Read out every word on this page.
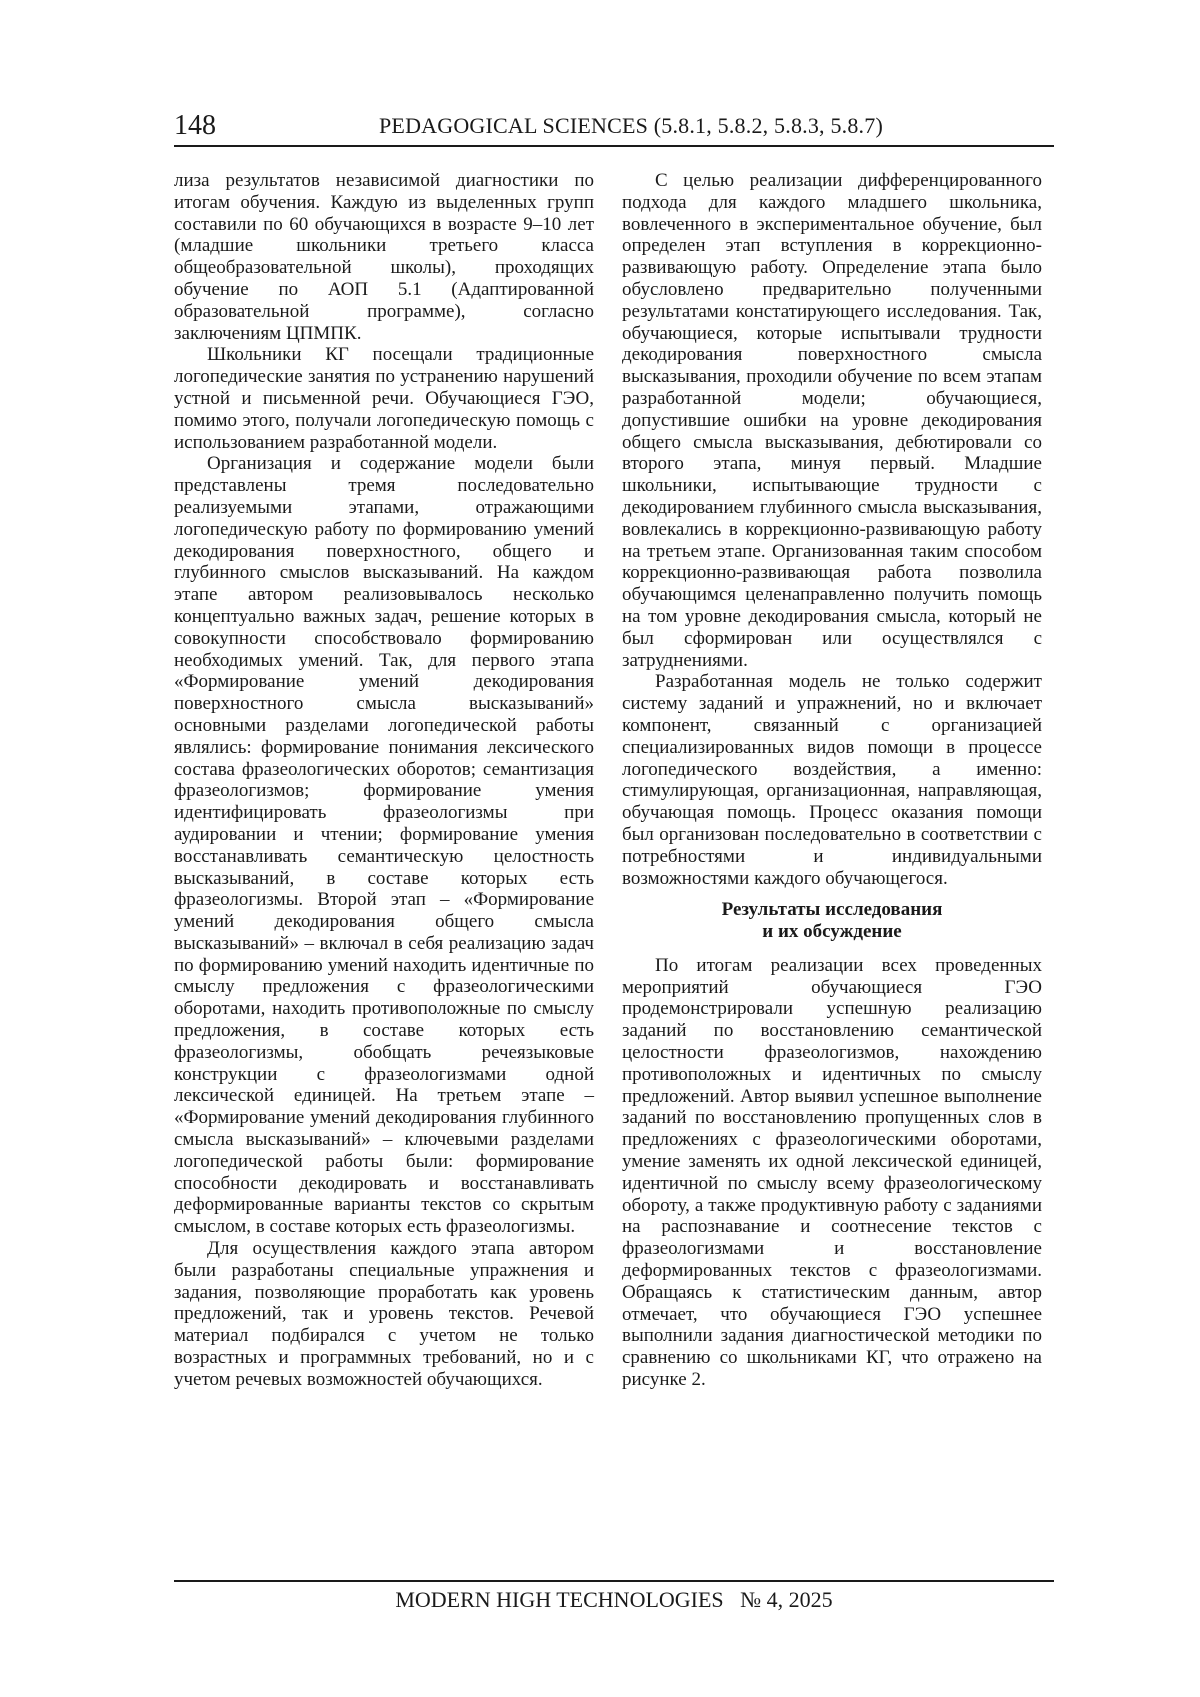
148	PEDAGOGICAL SCIENCES (5.8.1, 5.8.2, 5.8.3, 5.8.7)

лиза результатов независимой диагностики по итогам обучения. Каждую из выделенных групп составили по 60 обучающихся в возрасте 9–10 лет (младшие школьники третьего класса общеобразовательной школы), проходящих обучение по АОП 5.1 (Адаптированной образовательной программе), согласно заключениям ЦПМПК.

Школьники КГ посещали традиционные логопедические занятия по устранению нарушений устной и письменной речи. Обучающиеся ГЭО, помимо этого, получали логопедическую помощь с использованием разработанной модели.

Организация и содержание модели были представлены тремя последовательно реализуемыми этапами, отражающими логопедическую работу по формированию умений декодирования поверхностного, общего и глубинного смыслов высказываний. На каждом этапе автором реализовывалось несколько концептуально важных задач, решение которых в совокупности способствовало формированию необходимых умений. Так, для первого этапа «Формирование умений декодирования поверхностного смысла высказываний» основными разделами логопедической работы являлись: формирование понимания лексического состава фразеологических оборотов; семантизация фразеологизмов; формирование умения идентифицировать фразеологизмы при аудировании и чтении; формирование умения восстанавливать семантическую целостность высказываний, в составе которых есть фразеологизмы. Второй этап – «Формирование умений декодирования общего смысла высказываний» – включал в себя реализацию задач по формированию умений находить идентичные по смыслу предложения с фразеологическими оборотами, находить противоположные по смыслу предложения, в составе которых есть фразеологизмы, обобщать речеязыковые конструкции с фразеологизмами одной лексической единицей. На третьем этапе – «Формирование умений декодирования глубинного смысла высказываний» – ключевыми разделами логопедической работы были: формирование способности декодировать и восстанавливать деформированные варианты текстов со скрытым смыслом, в составе которых есть фразеологизмы.

Для осуществления каждого этапа автором были разработаны специальные упражнения и задания, позволяющие проработать как уровень предложений, так и уровень текстов. Речевой материал подбирался с учетом не только возрастных и программных требований, но и с учетом речевых возможностей обучающихся.

С целью реализации дифференцированного подхода для каждого младшего школьника, вовлеченного в экспериментальное обучение, был определен этап вступления в коррекционно-развивающую работу. Определение этапа было обусловлено предварительно полученными результатами констатирующего исследования. Так, обучающиеся, которые испытывали трудности декодирования поверхностного смысла высказывания, проходили обучение по всем этапам разработанной модели; обучающиеся, допустившие ошибки на уровне декодирования общего смысла высказывания, дебютировали со второго этапа, минуя первый. Младшие школьники, испытывающие трудности с декодированием глубинного смысла высказывания, вовлекались в коррекционно-развивающую работу на третьем этапе. Организованная таким способом коррекционно-развивающая работа позволила обучающимся целенаправленно получить помощь на том уровне декодирования смысла, который не был сформирован или осуществлялся с затруднениями.

Разработанная модель не только содержит систему заданий и упражнений, но и включает компонент, связанный с организацией специализированных видов помощи в процессе логопедического воздействия, а именно: стимулирующая, организационная, направляющая, обучающая помощь. Процесс оказания помощи был организован последовательно в соответствии с потребностями и индивидуальными возможностями каждого обучающегося.

Результаты исследования
и их обсуждение

По итогам реализации всех проведенных мероприятий обучающиеся ГЭО продемонстрировали успешную реализацию заданий по восстановлению семантической целостности фразеологизмов, нахождению противоположных и идентичных по смыслу предложений. Автор выявил успешное выполнение заданий по восстановлению пропущенных слов в предложениях с фразеологическими оборотами, умение заменять их одной лексической единицей, идентичной по смыслу всему фразеологическому обороту, а также продуктивную работу с заданиями на распознавание и соотнесение текстов с фразеологизмами и восстановление деформированных текстов с фразеологизмами. Обращаясь к статистическим данным, автор отмечает, что обучающиеся ГЭО успешнее выполнили задания диагностической методики по сравнению со школьниками КГ, что отражено на рисунке 2.

MODERN HIGH TECHNOLOGIES № 4, 2025
